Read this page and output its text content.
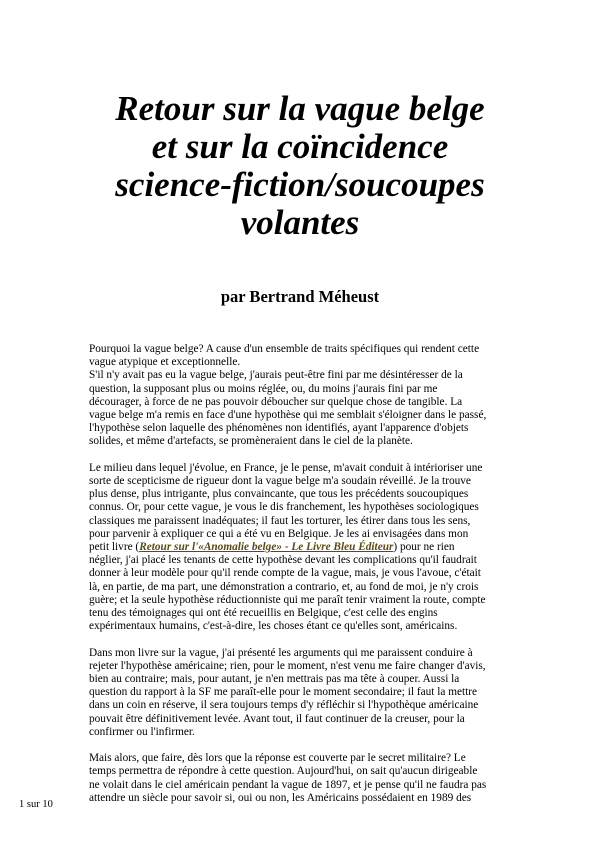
Retour sur la vague belge
et sur la coïncidence
science-fiction/soucoupes
volantes

par Bertrand Méheust

Pourquoi la vague belge? A cause d'un ensemble de traits spécifiques qui rendent cette
vague atypique et exceptionnelle.
S'il n'y avait pas eu la vague belge, j'aurais peut-être fini par me désintéresser de la
question, la supposant plus ou moins réglée, ou, du moins j'aurais fini par me
décourager, à force de ne pas pouvoir déboucher sur quelque chose de tangible. La
vague belge m'a remis en face d'une hypothèse qui me semblait s'éloigner dans le passé,
l'hypothèse selon laquelle des phénomènes non identifiés, ayant l'apparence d'objets
solides, et même d'artefacts, se promèneraient dans le ciel de la planète.

Le milieu dans lequel j'évolue, en France, je le pense, m'avait conduit à intérioriser une
sorte de scepticisme de rigueur dont la vague belge m'a soudain réveillé. Je la trouve
plus dense, plus intrigante, plus convaincante, que tous les précédents soucoupiques
connus. Or, pour cette vague, je vous le dis franchement, les hypothèses sociologiques
classiques me paraissent inadéquates; il faut les torturer, les étirer dans tous les sens,
pour parvenir à expliquer ce qui a été vu en Belgique. Je les ai envisagées dans mon
petit livre (Retour sur l'«Anomalie belge» - Le Livre Bleu Éditeur) pour ne rien
néglier, j'ai placé les tenants de cette hypothèse devant les complications qu'il faudrait
donner à leur modèle pour qu'il rende compte de la vague, mais, je vous l'avoue, c'était
là, en partie, de ma part, une démonstration a contrario, et, au fond de moi, je n'y crois
guère; et la seule hypothèse réductionniste qui me paraît tenir vraiment la route, compte
tenu des témoignages qui ont été recueillis en Belgique, c'est celle des engins
expérimentaux humains, c'est-à-dire, les choses étant ce qu'elles sont, américains.

Dans mon livre sur la vague, j'ai présenté les arguments qui me paraissent conduire à
rejeter l'hypothèse américaine; rien, pour le moment, n'est venu me faire changer d'avis,
bien au contraire; mais, pour autant, je n'en mettrais pas ma tête à couper. Aussi la
question du rapport à la SF me paraît-elle pour le moment secondaire; il faut la mettre
dans un coin en réserve, il sera toujours temps d'y réfléchir si l'hypothèque américaine
pouvait être définitivement levée. Avant tout, il faut continuer de la creuser, pour la
confirmer ou l'infirmer.

Mais alors, que faire, dès lors que la réponse est couverte par le secret militaire? Le
temps permettra de répondre à cette question. Aujourd'hui, on sait qu'aucun dirigeable
ne volait dans le ciel américain pendant la vague de 1897, et je pense qu'il ne faudra pas
attendre un siècle pour savoir si, oui ou non, les Américains possédaient en 1989 des

1 sur 10
